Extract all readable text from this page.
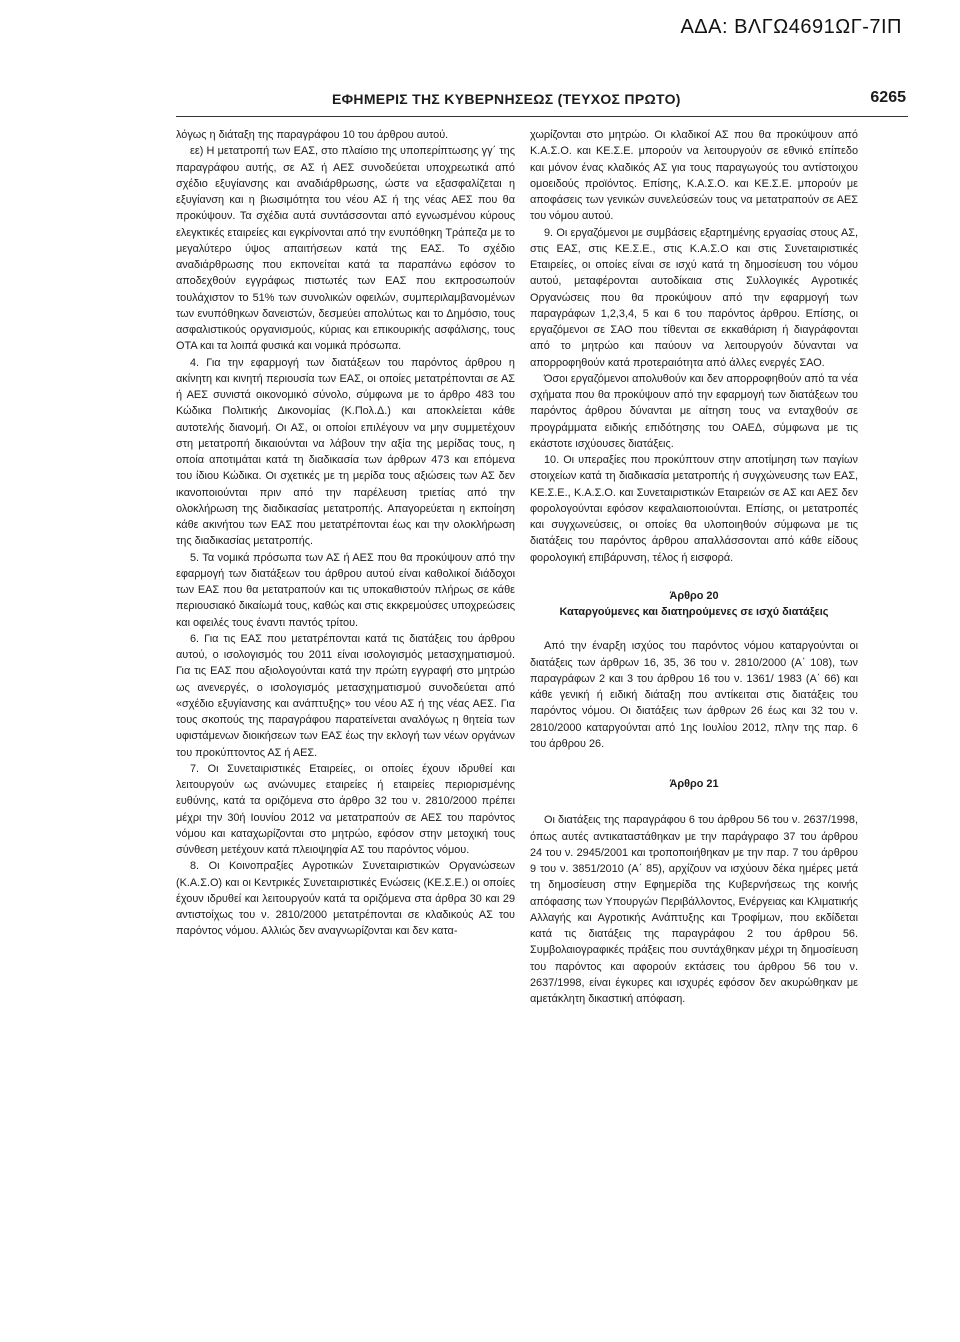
ΑΔΑ: ΒΛΓΩ4691ΩΓ-7ΙΠ
ΕΦΗΜΕΡΙΣ ΤΗΣ ΚΥΒΕΡΝΗΣΕΩΣ (ΤΕΥΧΟΣ ΠΡΩΤΟ)	6265

λόγως η διάταξη της παραγράφου 10 του άρθρου αυτού.

εε) Η μετατροπή των ΕΑΣ, στο πλαίσιο της υποπερίπτωσης γγ΄ της παραγράφου αυτής, σε ΑΣ ή ΑΕΣ συνοδεύεται υποχρεωτικά από σχέδιο εξυγίανσης και αναδιάρθρωσης, ώστε να εξασφαλίζεται η εξυγίανση και η βιωσιμότητα του νέου ΑΣ ή της νέας ΑΕΣ που θα προκύψουν. Τα σχέδια αυτά συντάσσονται από εγνωσμένου κύρους ελεγκτικές εταιρείες και εγκρίνονται από την ενυπόθηκη Τράπεζα με το μεγαλύτερο ύψος απαιτήσεων κατά της ΕΑΣ. Το σχέδιο αναδιάρθρωσης που εκπονείται κατά τα παραπάνω εφόσον το αποδεχθούν εγγράφως πιστωτές των ΕΑΣ που εκπροσωπούν τουλάχιστον το 51% των συνολικών οφειλών, συμπεριλαμβανομένων των ενυπόθηκων δανειστών, δεσμεύει απολύτως και το Δημόσιο, τους ασφαλιστικούς οργανισμούς, κύριας και επικουρικής ασφάλισης, τους ΟΤΑ και τα λοιπά φυσικά και νομικά πρόσωπα.

4. Για την εφαρμογή των διατάξεων του παρόντος άρθρου η ακίνητη και κινητή περιουσία των ΕΑΣ, οι οποίες μετατρέπονται σε ΑΣ ή ΑΕΣ συνιστά οικονομικό σύνολο, σύμφωνα με το άρθρο 483 του Κώδικα Πολιτικής Δικονομίας (Κ.Πολ.Δ.) και αποκλείεται κάθε αυτοτελής διανομή. Οι ΑΣ, οι οποίοι επιλέγουν να μην συμμετέχουν στη μετατροπή δικαιούνται να λάβουν την αξία της μερίδας τους, η οποία αποτιμάται κατά τη διαδικασία των άρθρων 473 και επόμενα του ίδιου Κώδικα. Οι σχετικές με τη μερίδα τους αξιώσεις των ΑΣ δεν ικανοποιούνται πριν από την παρέλευση τριετίας από την ολοκλήρωση της διαδικασίας μετατροπής. Απαγορεύεται η εκποίηση κάθε ακινήτου των ΕΑΣ που μετατρέπονται έως και την ολοκλήρωση της διαδικασίας μετατροπής.

5. Τα νομικά πρόσωπα των ΑΣ ή ΑΕΣ που θα προκύψουν από την εφαρμογή των διατάξεων του άρθρου αυτού είναι καθολικοί διάδοχοι των ΕΑΣ που θα μετατραπούν και τις υποκαθιστούν πλήρως σε κάθε περιουσιακό δικαίωμά τους, καθώς και στις εκκρεμούσες υποχρεώσεις και οφειλές τους έναντι παντός τρίτου.

6. Για τις ΕΑΣ που μετατρέπονται κατά τις διατάξεις του άρθρου αυτού, ο ισολογισμός του 2011 είναι ισολογισμός μετασχηματισμού. Για τις ΕΑΣ που αξιολογούνται κατά την πρώτη εγγραφή στο μητρώο ως ανενεργές, ο ισολογισμός μετασχηματισμού συνοδεύεται από «σχέδιο εξυγίανσης και ανάπτυξης» του νέου ΑΣ ή της νέας ΑΕΣ. Για τους σκοπούς της παραγράφου παρατείνεται αναλόγως η θητεία των υφιστάμενων διοικήσεων των ΕΑΣ έως την εκλογή των νέων οργάνων του προκύπτοντος ΑΣ ή ΑΕΣ.

7. Οι Συνεταιριστικές Εταιρείες, οι οποίες έχουν ιδρυθεί και λειτουργούν ως ανώνυμες εταιρείες ή εταιρείες περιορισμένης ευθύνης, κατά τα οριζόμενα στο άρθρο 32 του ν. 2810/2000 πρέπει μέχρι την 30ή Ιουνίου 2012 να μετατραπούν σε ΑΕΣ του παρόντος νόμου και καταχωρίζονται στο μητρώο, εφόσον στην μετοχική τους σύνθεση μετέχουν κατά πλειοψηφία ΑΣ του παρόντος νόμου.

8. Οι Κοινοπραξίες Αγροτικών Συνεταιριστικών Οργανώσεων (Κ.Α.Σ.Ο) και οι Κεντρικές Συνεταιριστικές Ενώσεις (ΚΕ.Σ.Ε.) οι οποίες έχουν ιδρυθεί και λειτουργούν κατά τα οριζόμενα στα άρθρα 30 και 29 αντιστοίχως του ν. 2810/2000 μετατρέπονται σε κλαδικούς ΑΣ του παρόντος νόμου. Αλλιώς δεν αναγνωρίζονται και δεν κατα-

χωρίζονται στο μητρώο. Οι κλαδικοί ΑΣ που θα προκύψουν από Κ.Α.Σ.Ο. και ΚΕ.Σ.Ε. μπορούν να λειτουργούν σε εθνικό επίπεδο και μόνον ένας κλαδικός ΑΣ για τους παραγωγούς του αντίστοιχου ομοειδούς προϊόντος. Επίσης, Κ.Α.Σ.Ο. και ΚΕ.Σ.Ε. μπορούν με αποφάσεις των γενικών συνελεύσεών τους να μετατραπούν σε ΑΕΣ του νόμου αυτού.

9. Οι εργαζόμενοι με συμβάσεις εξαρτημένης εργασίας στους ΑΣ, στις ΕΑΣ, στις ΚΕ.Σ.Ε., στις Κ.Α.Σ.Ο και στις Συνεταιριστικές Εταιρείες, οι οποίες είναι σε ισχύ κατά τη δημοσίευση του νόμου αυτού, μεταφέρονται αυτοδίκαια στις Συλλογικές Αγροτικές Οργανώσεις που θα προκύψουν από την εφαρμογή των παραγράφων 1,2,3,4, 5 και 6 του παρόντος άρθρου. Επίσης, οι εργαζόμενοι σε ΣΑΟ που τίθενται σε εκκαθάριση ή διαγράφονται από το μητρώο και παύουν να λειτουργούν δύνανται να απορροφηθούν κατά προτεραιότητα από άλλες ενεργές ΣΑΟ.

Όσοι εργαζόμενοι απολυθούν και δεν απορροφηθούν από τα νέα σχήματα που θα προκύψουν από την εφαρμογή των διατάξεων του παρόντος άρθρου δύνανται με αίτηση τους να ενταχθούν σε προγράμματα ειδικής επιδότησης του ΟΑΕΔ, σύμφωνα με τις εκάστοτε ισχύουσες διατάξεις.

10. Οι υπεραξίες που προκύπτουν στην αποτίμηση των παγίων στοιχείων κατά τη διαδικασία μετατροπής ή συγχώνευσης των ΕΑΣ, ΚΕ.Σ.Ε., Κ.Α.Σ.Ο. και Συνεταιριστικών Εταιρειών σε ΑΣ και ΑΕΣ δεν φορολογούνται εφόσον κεφαλαιοποιούνται. Επίσης, οι μετατροπές και συγχωνεύσεις, οι οποίες θα υλοποιηθούν σύμφωνα με τις διατάξεις του παρόντος άρθρου απαλλάσσονται από κάθε είδους φορολογική επιβάρυνση, τέλος ή εισφορά.

Άρθρο 20

Καταργούμενες και διατηρούμενες σε ισχύ διατάξεις

Από την έναρξη ισχύος του παρόντος νόμου καταργούνται οι διατάξεις των άρθρων 16, 35, 36 του ν. 2810/2000 (Α΄ 108), των παραγράφων 2 και 3 του άρθρου 16 του ν. 1361/ 1983 (Α΄ 66) και κάθε γενική ή ειδική διάταξη που αντίκειται στις διατάξεις του παρόντος νόμου. Οι διατάξεις των άρθρων 26 έως και 32 του ν. 2810/2000 καταργούνται από 1ης Ιουλίου 2012, πλην της παρ. 6 του άρθρου 26.

Άρθρο 21

Οι διατάξεις της παραγράφου 6 του άρθρου 56 του ν. 2637/1998, όπως αυτές αντικαταστάθηκαν με την παράγραφο 37 του άρθρου 24 του ν. 2945/2001 και τροποποιήθηκαν με την παρ. 7 του άρθρου 9 του ν. 3851/2010 (Α΄ 85), αρχίζουν να ισχύουν δέκα ημέρες μετά τη δημοσίευση στην Εφημερίδα της Κυβερνήσεως της κοινής απόφασης των Υπουργών Περιβάλλοντος, Ενέργειας και Κλιματικής Αλλαγής και Αγροτικής Ανάπτυξης και Τροφίμων, που εκδίδεται κατά τις διατάξεις της παραγράφου 2 του άρθρου 56. Συμβολαιογραφικές πράξεις που συντάχθηκαν μέχρι τη δημοσίευση του παρόντος και αφορούν εκτάσεις του άρθρου 56 του ν. 2637/1998, είναι έγκυρες και ισχυρές εφόσον δεν ακυρώθηκαν με αμετάκλητη δικαστική απόφαση.
